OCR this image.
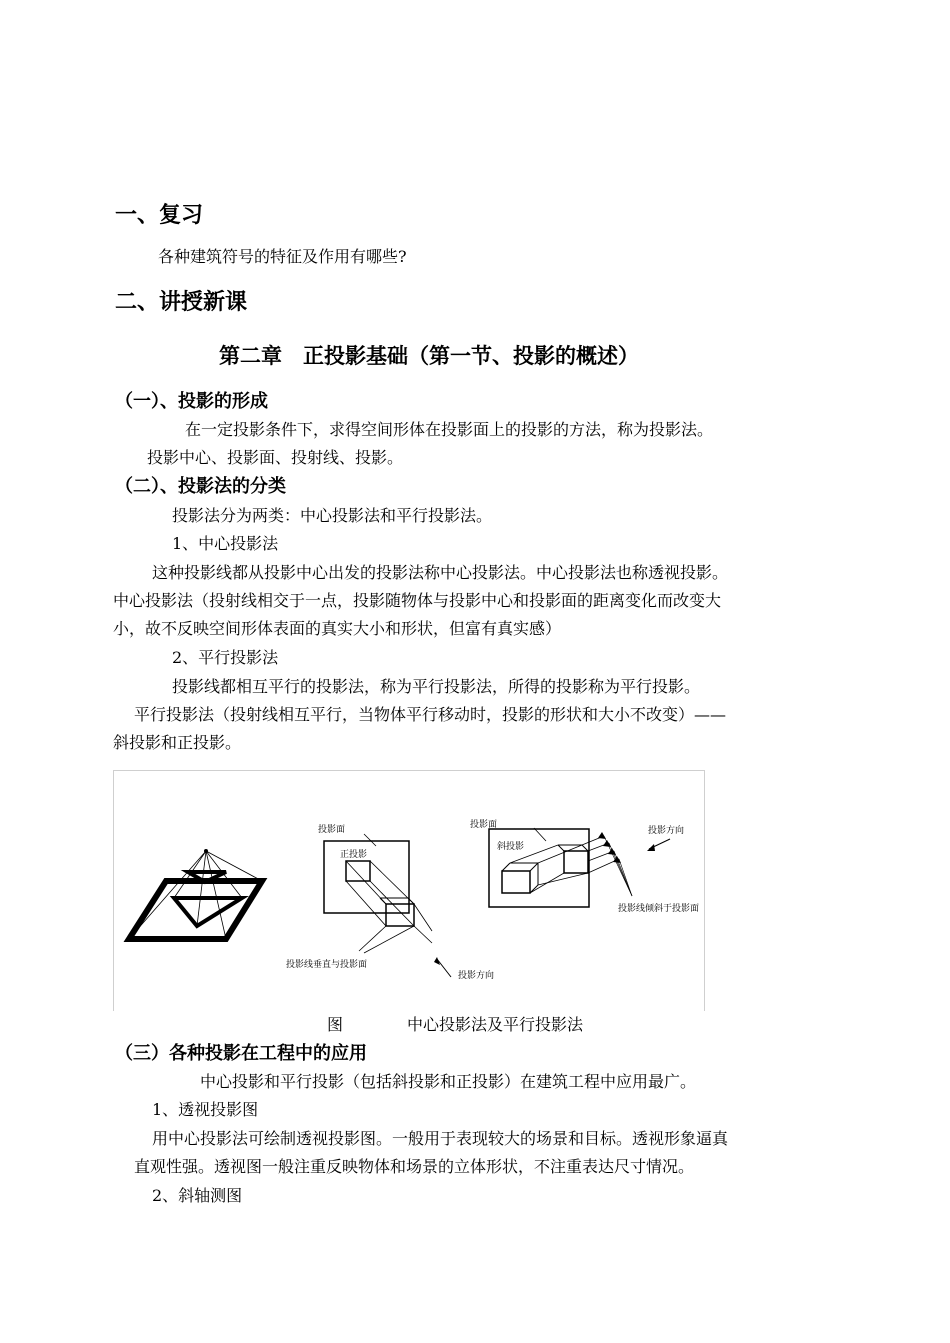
一、复习
各种建筑符号的特征及作用有哪些?
二、讲授新课
第二章　正投影基础（第一节、投影的概述）
（一）、投影的形成
在一定投影条件下，求得空间形体在投影面上的投影的方法，称为投影法。
投影中心、投影面、投射线、投影。
（二）、投影法的分类
投影法分为两类：中心投影法和平行投影法。
1、中心投影法
这种投影线都从投影中心出发的投影法称中心投影法。中心投影法也称透视投影。
中心投影法（投射线相交于一点，投影随物体与投影中心和投影面的距离变化而改变大
小，故不反映空间形体表面的真实大小和形状，但富有真实感）
2、平行投影法
投影线都相互平行的投影法，称为平行投影法，所得的投影称为平行投影。
平行投影法（投射线相互平行，当物体平行移动时，投影的形状和大小不改变）——
斜投影和正投影。
投影面
正投影
投影线垂直与投影面
投影方向
投影面
斜投影
投影方向
投影线倾斜于投影面
图	中心投影法及平行投影法
（三）各种投影在工程中的应用
中心投影和平行投影（包括斜投影和正投影）在建筑工程中应用最广。
1、透视投影图
用中心投影法可绘制透视投影图。一般用于表现较大的场景和目标。透视形象逼真
直观性强。透视图一般注重反映物体和场景的立体形状，不注重表达尺寸情况。
2、斜轴测图
